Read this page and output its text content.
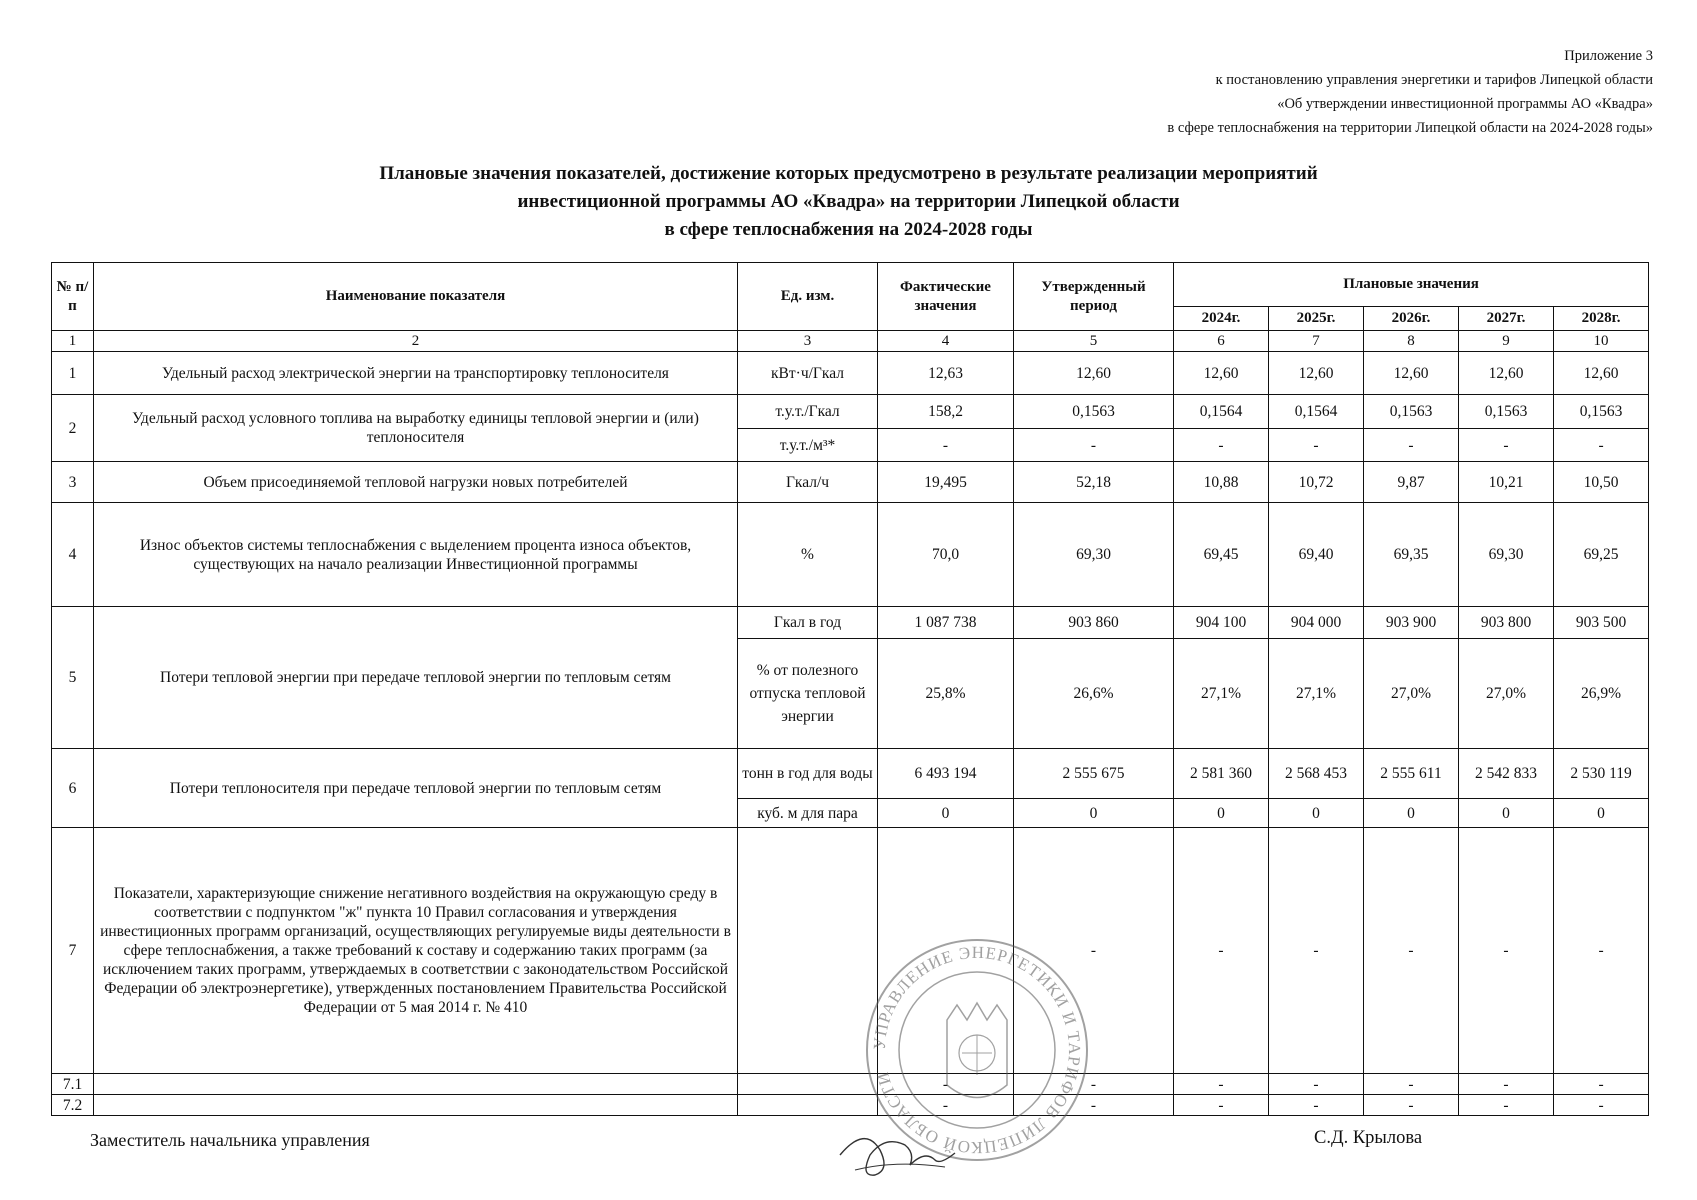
Приложение 3
к постановлению управления энергетики и тарифов Липецкой области
«Об утверждении инвестиционной программы АО «Квадра»
в сфере теплоснабжения на территории Липецкой области на 2024-2028 годы»
Плановые значения показателей, достижение которых предусмотрено в результате реализации мероприятий
инвестиционной программы АО «Квадра» на территории Липецкой области
в сфере теплоснабжения на 2024-2028 годы
№ п/п	Наименование показателя	Ед. изм.	Фактические значения	Утвержденный период	Плановые значения				
					2024г.	2025г.	2026г.	2027г.	2028г.
1	2	3	4	5	6	7	8	9	10
1	Удельный расход электрической энергии на транспортировку теплоносителя	кВт·ч/Гкал	12,63	12,60	12,60	12,60	12,60	12,60	12,60
2	Удельный расход условного топлива на выработку единицы тепловой энергии и (или) теплоносителя	т.у.т./Гкал	158,2	0,1563	0,1564	0,1564	0,1563	0,1563	0,1563
		т.у.т./м³*	-	-	-	-	-	-	-
3	Объем присоединяемой тепловой нагрузки новых потребителей	Гкал/ч	19,495	52,18	10,88	10,72	9,87	10,21	10,50
4	Износ объектов системы теплоснабжения с выделением процента износа объектов, существующих на начало реализации Инвестиционной программы	%	70,0	69,30	69,45	69,40	69,35	69,30	69,25
5	Потери тепловой энергии при передаче тепловой энергии по тепловым сетям	Гкал в год	1 087 738	903 860	904 100	904 000	903 900	903 800	903 500
		% от полезного отпуска тепловой энергии	25,8%	26,6%	27,1%	27,1%	27,0%	27,0%	26,9%
6	Потери теплоносителя при передаче тепловой энергии по тепловым сетям	тонн в год для воды	6 493 194	2 555 675	2 581 360	2 568 453	2 555 611	2 542 833	2 530 119
		куб. м для пара	0	0	0	0	0	0	0
7	Показатели, характеризующие снижение негативного воздействия на окружающую среду в соответствии с подпунктом "ж" пункта 10 Правил согласования и утверждения инвестиционных программ организаций, осуществляющих регулируемые виды деятельности в сфере теплоснабжения, а также требований к составу и содержанию таких программ (за исключением таких программ, утверждаемых в соответствии с законодательством Российской Федерации об электроэнергетике), утвержденных постановлением Правительства Российской Федерации от 5 мая 2014 г. № 410			-	-	-	-	-	-
7.1			-	-	-	-	-	-	-
7.2			-	-	-	-	-	-	-
УПРАВЛЕНИЕ ЭНЕРГЕТИКИ И ТАРИФОВ ЛИПЕЦКОЙ ОБЛАСТИ
Заместитель начальника управления	С.Д. Крылова
